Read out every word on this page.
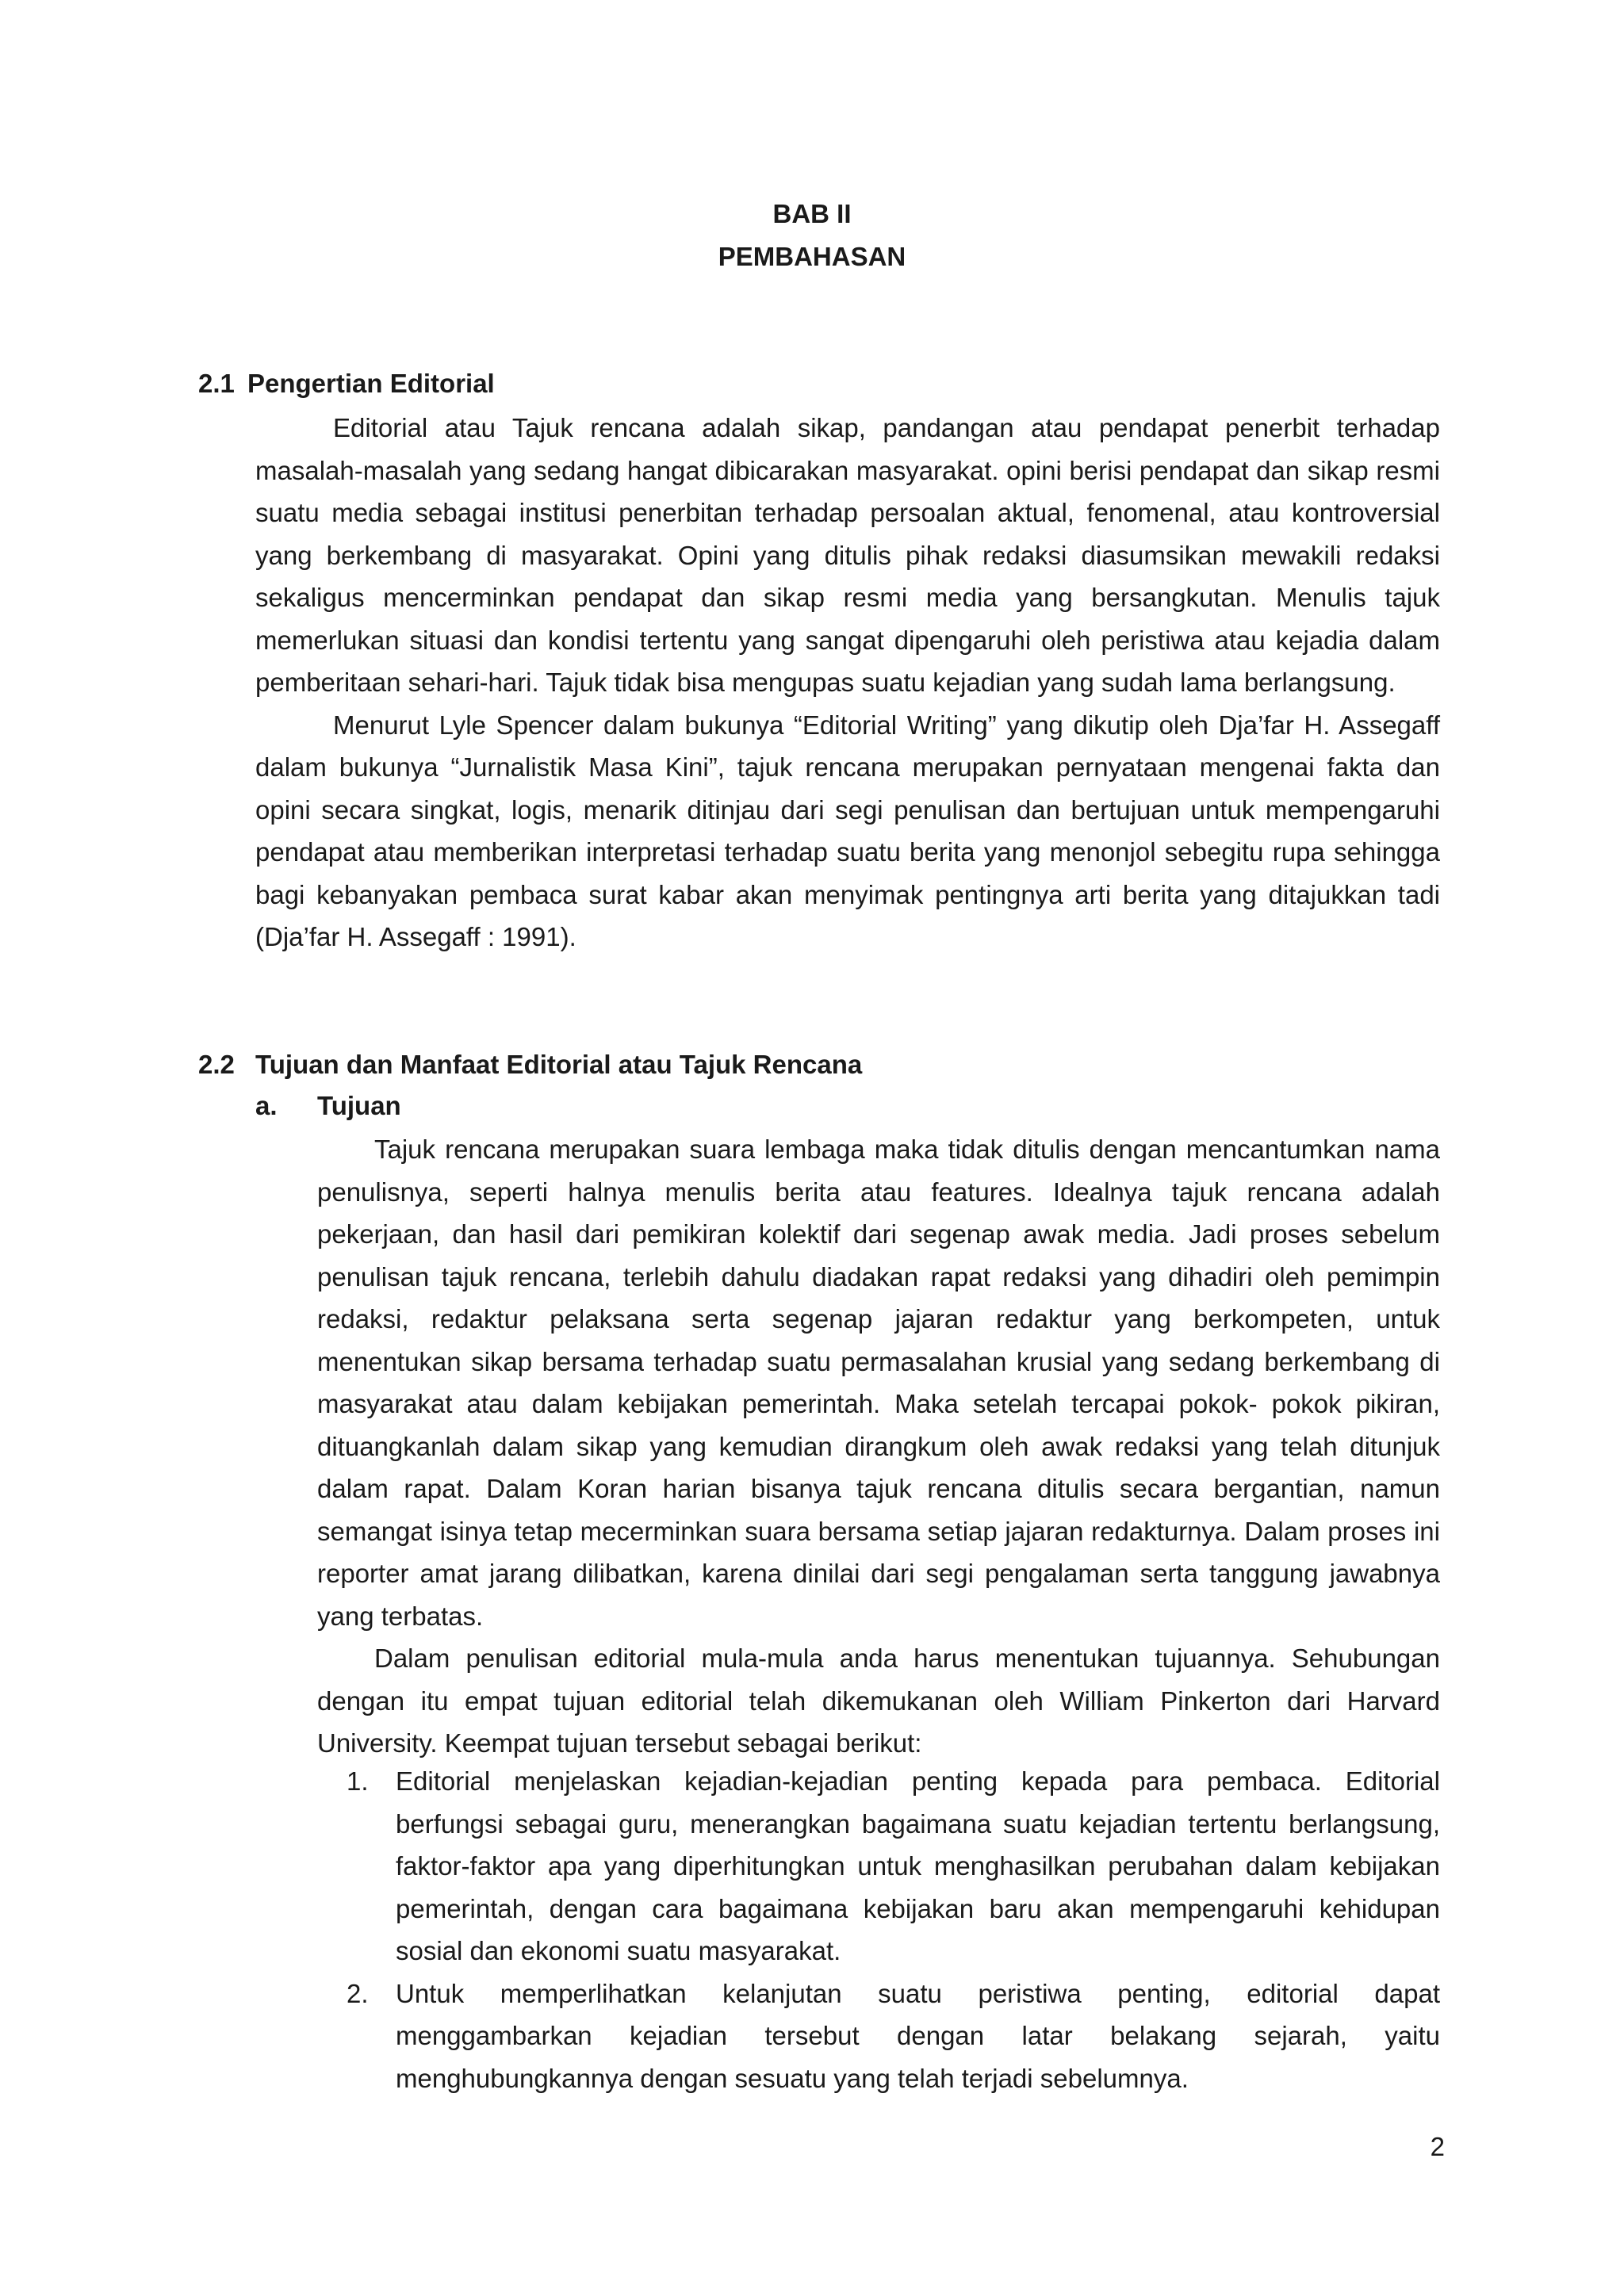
BAB II
PEMBAHASAN
2.1 Pengertian Editorial

Editorial atau Tajuk rencana adalah sikap, pandangan atau pendapat penerbit terhadap masalah-masalah yang sedang hangat dibicarakan masyarakat. opini berisi pendapat dan sikap resmi suatu media sebagai institusi penerbitan terhadap persoalan aktual, fenomenal, atau kontroversial yang berkembang di masyarakat. Opini yang ditulis pihak redaksi diasumsikan mewakili redaksi sekaligus mencerminkan pendapat dan sikap resmi media yang bersangkutan. Menulis tajuk memerlukan situasi dan kondisi tertentu yang sangat dipengaruhi oleh peristiwa atau kejadia dalam pemberitaan sehari-hari. Tajuk tidak bisa mengupas suatu kejadian yang sudah lama berlangsung.

Menurut Lyle Spencer dalam bukunya “Editorial Writing” yang dikutip oleh Dja’far H. Assegaff dalam bukunya “Jurnalistik Masa Kini”, tajuk rencana merupakan pernyataan mengenai fakta dan opini secara singkat, logis, menarik ditinjau dari segi penulisan dan bertujuan untuk mempengaruhi pendapat atau memberikan interpretasi terhadap suatu berita yang menonjol sebegitu rupa sehingga bagi kebanyakan pembaca surat kabar akan menyimak pentingnya arti berita yang ditajukkan tadi (Dja’far H. Assegaff : 1991).

2.2 Tujuan dan Manfaat Editorial atau Tajuk Rencana
a. Tujuan

Tajuk rencana merupakan suara lembaga maka tidak ditulis dengan mencantumkan nama penulisnya, seperti halnya menulis berita atau features. Idealnya tajuk rencana adalah pekerjaan, dan hasil dari pemikiran kolektif dari segenap awak media. Jadi proses sebelum penulisan tajuk rencana, terlebih dahulu diadakan rapat redaksi yang dihadiri oleh pemimpin redaksi, redaktur pelaksana serta segenap jajaran redaktur yang berkompeten, untuk menentukan sikap bersama terhadap suatu permasalahan krusial yang sedang berkembang di masyarakat atau dalam kebijakan pemerintah. Maka setelah tercapai pokok- pokok pikiran, dituangkanlah dalam sikap yang kemudian dirangkum oleh awak redaksi yang telah ditunjuk dalam rapat. Dalam Koran harian bisanya tajuk rencana ditulis secara bergantian, namun semangat isinya tetap mecerminkan suara bersama setiap jajaran redakturnya. Dalam proses ini reporter amat jarang dilibatkan, karena dinilai dari segi pengalaman serta tanggung jawabnya yang terbatas.

Dalam penulisan editorial mula-mula anda harus menentukan tujuannya. Sehubungan dengan itu empat tujuan editorial telah dikemukanan oleh William Pinkerton dari Harvard University. Keempat tujuan tersebut sebagai berikut:

1. Editorial menjelaskan kejadian-kejadian penting kepada para pembaca. Editorial berfungsi sebagai guru, menerangkan bagaimana suatu kejadian tertentu berlangsung, faktor-faktor apa yang diperhitungkan untuk menghasilkan perubahan dalam kebijakan pemerintah, dengan cara bagaimana kebijakan baru akan mempengaruhi kehidupan sosial dan ekonomi suatu masyarakat.
2. Untuk memperlihatkan kelanjutan suatu peristiwa penting, editorial dapat menggambarkan kejadian tersebut dengan latar belakang sejarah, yaitu menghubungkannya dengan sesuatu yang telah terjadi sebelumnya.
2
